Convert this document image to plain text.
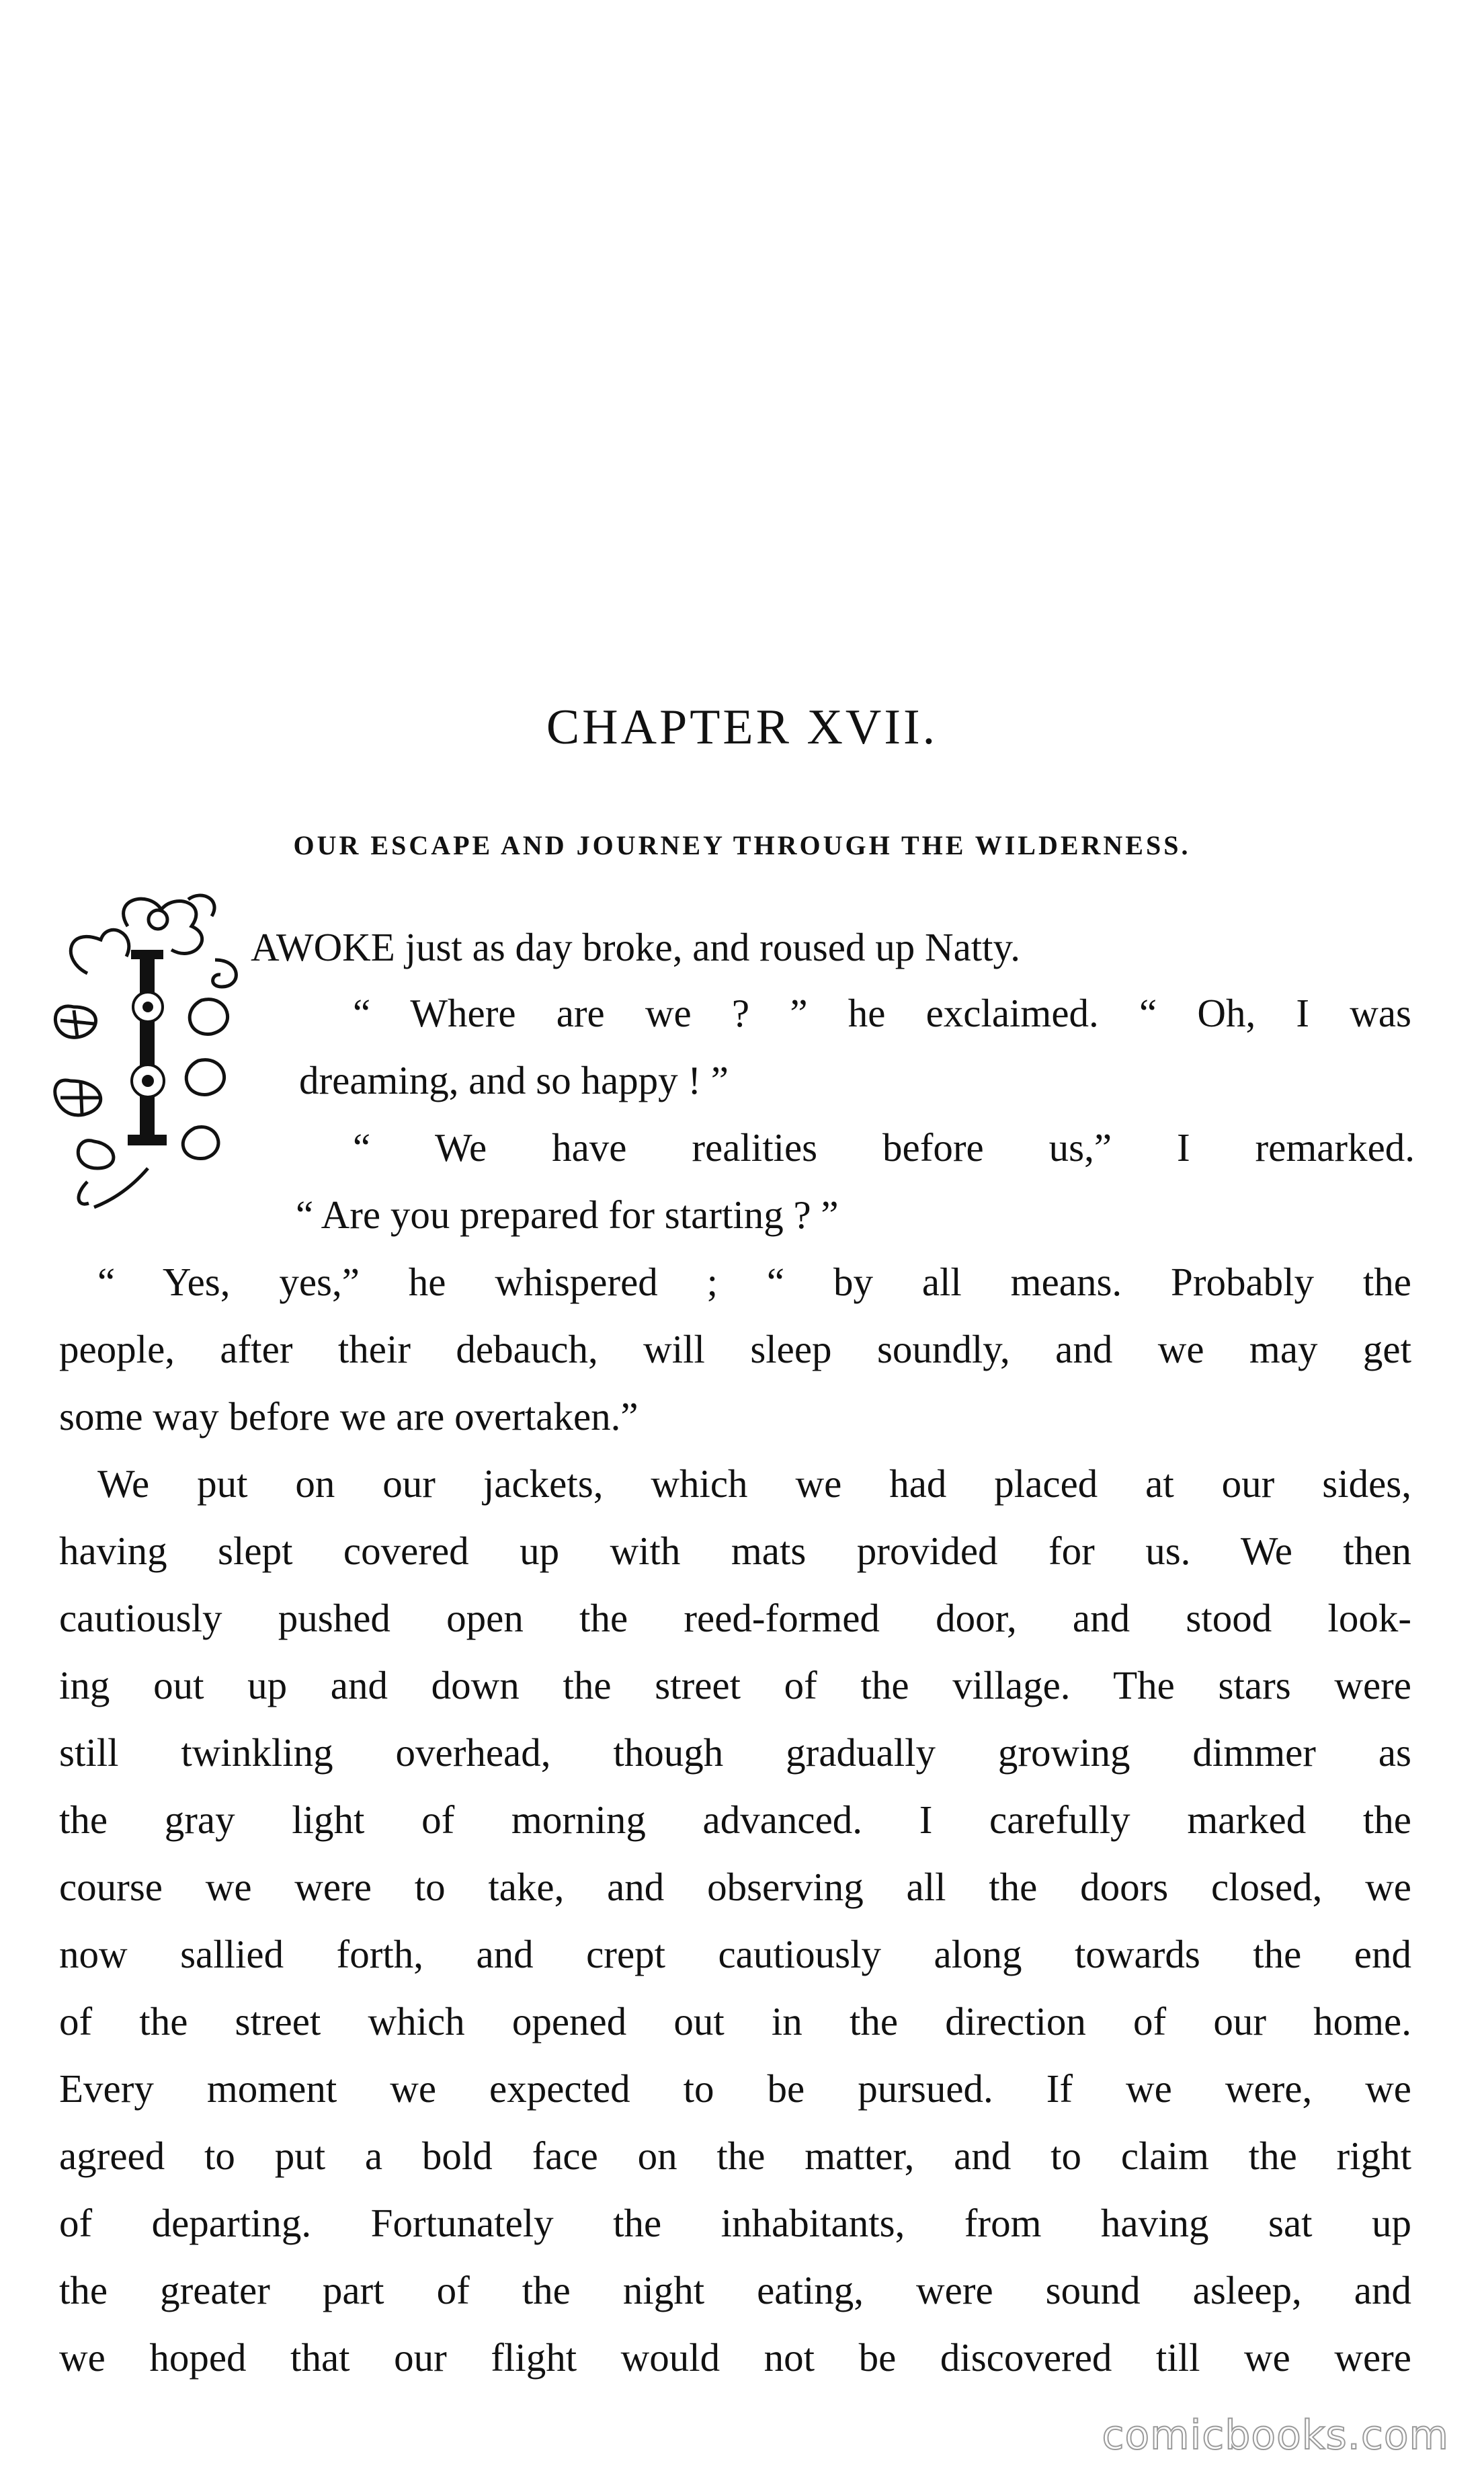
CHAPTER XVII.
OUR ESCAPE AND JOURNEY THROUGH THE WILDERNESS.
AWOKE just as day broke, and roused up Natty.
“ Where are we ? ” he exclaimed. “ Oh, I was
dreaming, and so happy ! ”
“ We have realities before us,” I remarked.
“ Are you prepared for starting ? ”
“ Yes, yes,” he whispered ; “ by all means. Probably the
people, after their debauch, will sleep soundly, and we may get
some way before we are overtaken.”
We put on our jackets, which we had placed at our sides,
having slept covered up with mats provided for us. We then
cautiously pushed open the reed-formed door, and stood look-
ing out up and down the street of the village. The stars were
still twinkling overhead, though gradually growing dimmer as
the gray light of morning advanced. I carefully marked the
course we were to take, and observing all the doors closed, we
now sallied forth, and crept cautiously along towards the end
of the street which opened out in the direction of our home.
Every moment we expected to be pursued. If we were, we
agreed to put a bold face on the matter, and to claim the right
of departing. Fortunately the inhabitants, from having sat up
the greater part of the night eating, were sound asleep, and
we hoped that our flight would not be discovered till we were
comicbooks.com
